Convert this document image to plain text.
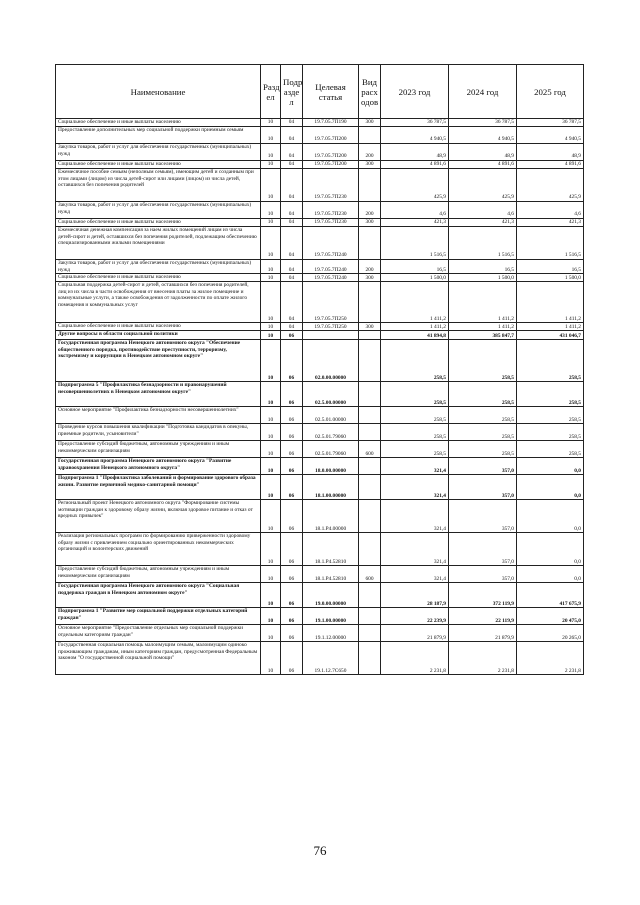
Наименование	Разд ел	Подр азде л	Целевая статья	Вид расх одов	2023 год	2024 год	2025 год
Социальное обеспечение и иные выплаты населению	10	04	19.7.05.7П190	300	36 787,5	36 787,5	36 787,5
Предоставление дополнительных мер социальной поддержки приемным семьям	10	04	19.7.05.7П200		4 940,5	4 940,5	4 940,5
Закупка товаров, работ и услуг для обеспечения государственных (муниципальных) нужд	10	04	19.7.05.7П200	200	48,9	48,9	48,9
Социальное обеспечение и иные выплаты населению	10	04	19.7.05.7П200	300	4 891,6	4 891,6	4 891,6
Ежемесячное пособие семьям (неполным семьям), имеющим детей и созданным при этом лицами (лицом) из числа детей-сирот или лицами (лицом) из числа детей, оставшихся без попечения родителей	10	04	19.7.05.7П230		425,9	425,9	425,9
Закупка товаров, работ и услуг для обеспечения государственных (муниципальных) нужд	10	04	19.7.05.7П230	200	4,6	4,6	4,6
Социальное обеспечение и иные выплаты населению	10	04	19.7.05.7П230	300	421,3	421,3	421,3
Ежемесячная денежная компенсация за наем жилых помещений лицам из числа детей-сирот и детей, оставшихся без попечения родителей, подлежащим обеспечению специализированными жилыми помещениями	10	04	19.7.05.7П240		1 516,5	1 516,5	1 516,5
Закупка товаров, работ и услуг для обеспечения государственных (муниципальных) нужд	10	04	19.7.05.7П240	200	16,5	16,5	16,5
Социальное обеспечение и иные выплаты населению	10	04	19.7.05.7П240	300	1 500,0	1 500,0	1 500,0
Социальная поддержка детей-сирот и детей, оставшихся без попечения родителей, лиц из их числа в части освобождения от внесения платы за жилое помещение и коммунальные услуги, а также освобождения от задолженности по оплате жилого помещения и коммунальных услуг	10	04	19.7.05.7П250		1 411,2	1 411,2	1 411,2
Социальное обеспечение и иные выплаты населению	10	04	19.7.05.7П250	300	1 411,2	1 411,2	1 411,2
Другие вопросы в области социальной политики	10	06			41 894,8	385 847,7	431 046,7
Государственная программа Ненецкого автономного округа "Обеспечение общественного порядка, противодействие преступности, терроризму, экстремизму и коррупции в Ненецком автономном округе"	10	06	02.0.00.00000		258,5	258,5	258,5
Подпрограмма 5 "Профилактика безнадзорности и правонарушений несовершеннолетних в Ненецком автономном округе"	10	06	02.5.00.00000		258,5	258,5	258,5
Основное мероприятие "Профилактика безнадзорности несовершеннолетних"	10	06	02.5.01.00000		258,5	258,5	258,5
Проведение курсов повышения квалификации "Подготовка кандидатов в опекуны, приемные родители, усыновители"	10	06	02.5.01.79060		258,5	258,5	258,5
Предоставление субсидий бюджетным, автономным учреждениям и иным некоммерческим организациям	10	06	02.5.01.79060	600	258,5	258,5	258,5
Государственная программа Ненецкого автономного округа "Развитие здравоохранения Ненецкого автономного округа"	10	06	18.0.00.00000		321,4	357,0	0,0
Подпрограмма 1 "Профилактика заболеваний и формирование здорового образа жизни. Развитие первичной медико-санитарной помощи"	10	06	18.1.00.00000		321,4	357,0	0,0
Региональный проект Ненецкого автономного округа "Формирование системы мотивации граждан к здоровому образу жизни, включая здоровое питание и отказ от вредных привычек"	10	06	18.1.P4.00000		321,4	357,0	0,0
Реализация региональных программ по формированию приверженности здоровому образу жизни с привлечением социально ориентированных некоммерческих организаций и волонтерских движений	10	06	18.1.P4.52810		321,4	357,0	0,0
Предоставление субсидий бюджетным, автономным учреждениям и иным некоммерческим организациям	10	06	18.1.P4.52810	600	321,4	357,0	0,0
Государственная программа Ненецкого автономного округа "Социальная поддержка граждан в Ненецком автономном округе"	10	06	19.0.00.00000		28 187,9	372 119,9	417 675,9
Подпрограмма 1 "Развитие мер социальной поддержки отдельных категорий граждан"	10	06	19.1.00.00000		22 239,9	22 119,9	20 475,0
Основное мероприятие "Предоставление отдельных мер социальной поддержки отдельным категориям граждан"	10	06	19.1.12.00000		21 879,9	21 879,9	20 265,0
Государственная социальная помощь малоимущим семьям, малоимущим одиноко проживающим гражданам, иным категориям граждан, предусмотренная Федеральным законом "О государственной социальной помощи"	10	06	19.1.12.7С650		2 231,8	2 231,8	2 231,8
76
